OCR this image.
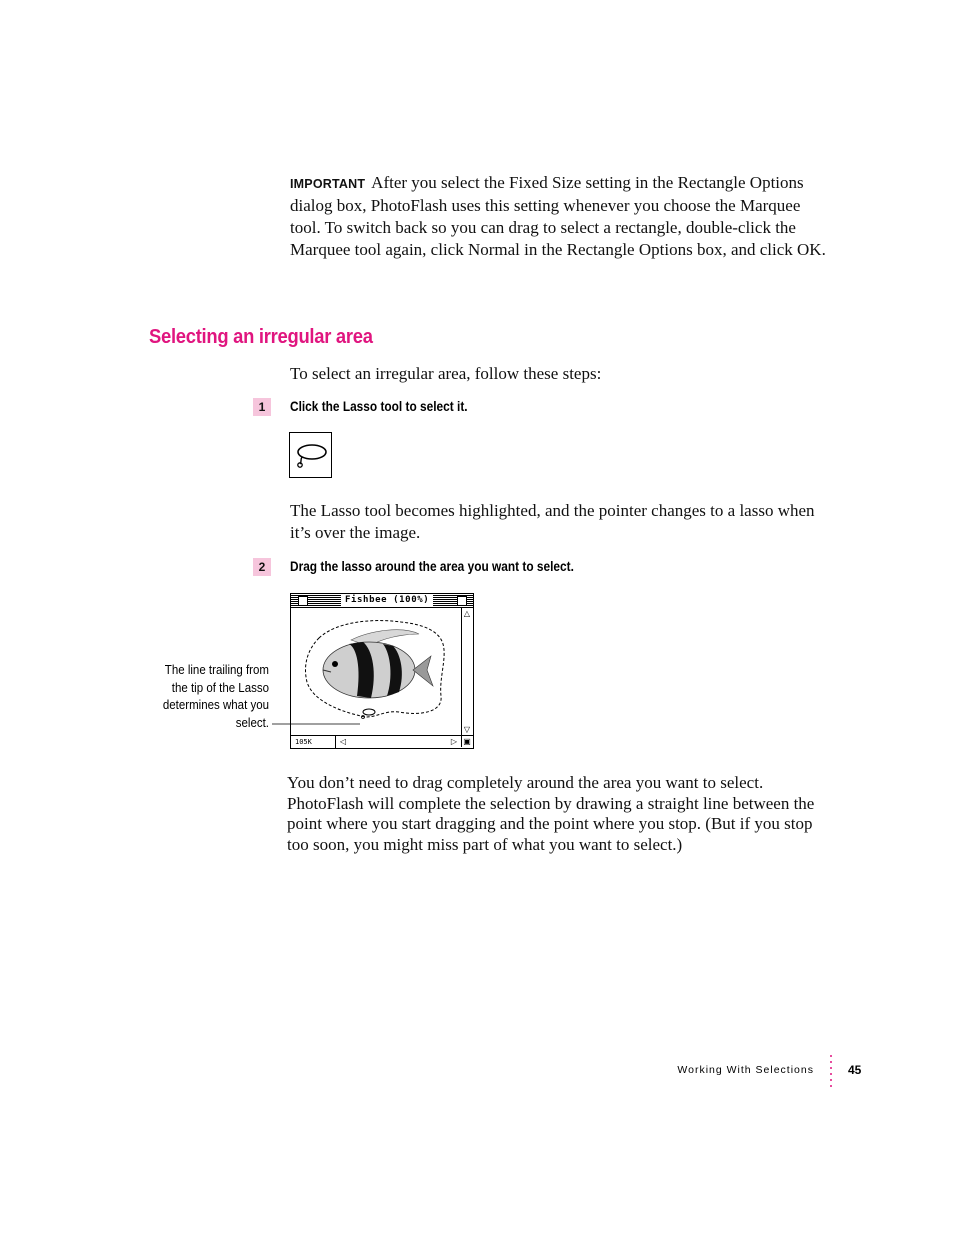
IMPORTANT After you select the Fixed Size setting in the Rectangle Options dialog box, PhotoFlash uses this setting whenever you choose the Marquee tool. To switch back so you can drag to select a rectangle, double-click the Marquee tool again, click Normal in the Rectangle Options box, and click OK.
Selecting an irregular area
To select an irregular area, follow these steps:
1	Click the Lasso tool to select it.
The Lasso tool becomes highlighted, and the pointer changes to a lasso when it’s over the image.
2	Drag the lasso around the area you want to select.
Fishbee (100%)
△
▽
105K	◁	▷ ▣
The line trailing from the tip of the Lasso determines what you select.
You don’t need to drag completely around the area you want to select. PhotoFlash will complete the selection by drawing a straight line between the point where you start dragging and the point where you stop. (But if you stop too soon, you might miss part of what you want to select.)
Working With Selections	45
